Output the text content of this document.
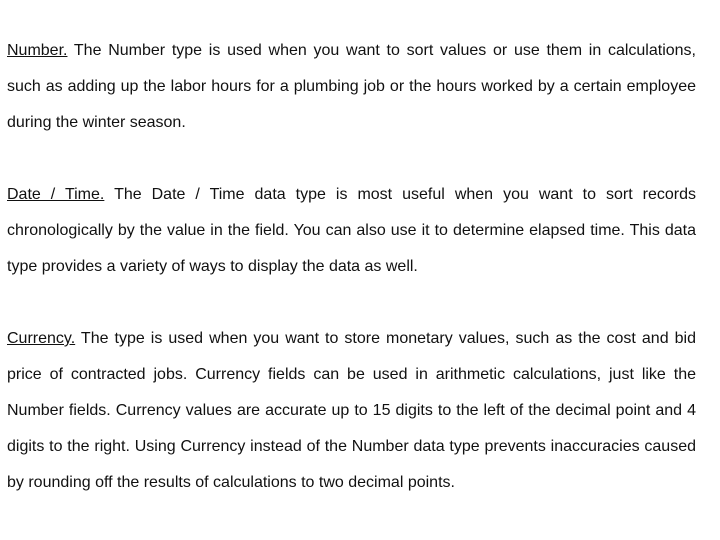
Number. The Number type is used when you want to sort values or use them in calculations, such as adding up the labor hours for a plumbing job or the hours worked by a certain employee during the winter season.

Date / Time. The Date / Time data type is most useful when you want to sort records chronologically by the value in the field. You can also use it to determine elapsed time. This data type provides a variety of ways to display the data as well.

Currency. The type is used when you want to store monetary values, such as the cost and bid price of contracted jobs. Currency fields can be used in arithmetic calculations, just like the Number fields. Currency values are accurate up to 15 digits to the left of the decimal point and 4 digits to the right. Using Currency instead of the Number data type prevents inaccuracies caused by rounding off the results of calculations to two decimal points.
